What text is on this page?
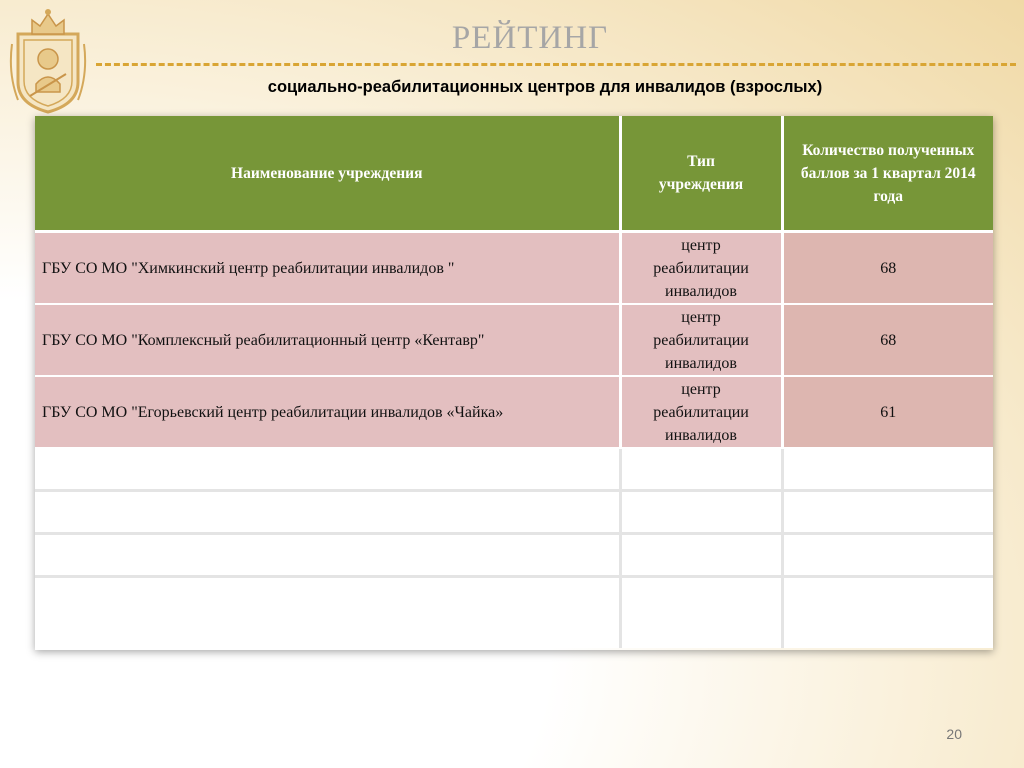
РЕЙТИНГ
социально-реабилитационных центров для инвалидов (взрослых)
Наименование учреждения	Тип учреждения	Количество полученных баллов за 1 квартал 2014 года
ГБУ СО МО "Химкинский центр реабилитации инвалидов "	центр реабилитации инвалидов	68
ГБУ СО МО "Комплексный реабилитационный центр «Кентавр"	центр реабилитации инвалидов	68
ГБУ СО МО "Егорьевский центр реабилитации инвалидов «Чайка»	центр реабилитации инвалидов	61

20
